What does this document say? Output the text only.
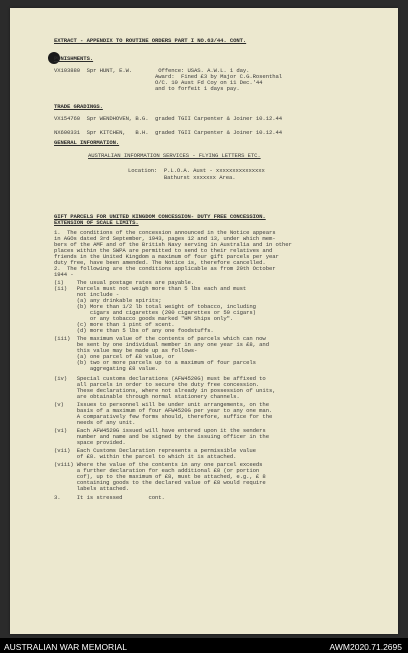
EXTRACT - APPENDIX TO ROUTINE ORDERS PART I NO.63/44. CONT.
PUNISHMENTS.
VX103880  Spr HUNT, E.W.        Offence: USAS. A.W.L. 1 day.
Award:  Fined £3 by Major C.G.Rosenthal
O/C. 10 Aust Fd Coy on 11 Dec.'44
and to forfeit 1 days pay.
TRADE GRADINGS.
VX154760  Spr WENDHOVEN, B.G.  graded TGII Carpenter & Joiner 10.12.44
NX600331  Spr KITCHEN,   B.H.  graded TGII Carpenter & Joiner 10.12.44
GENERAL INFORMATION.
AUSTRALIAN INFORMATION SERVICES - FLYING LETTERS ETC.
Location:  P.L.O.A. Aust - xxxxxxxxxxxxxxx
Bathurst xxxxxxx Area.
GIFT PARCELS FOR UNITED KINGDOM CONCESSION- DUTY FREE CONCESSION.
EXTENSION OF SCALE LIMITS.
1.  The conditions of the concession announced in the Notice appears
in AGOs dated 3rd September, 1943, pages 12 and 13, under which mem-
bers of the AMF and of the British Navy serving in Australia and in other
places within the SWPA are permitted to send to their relatives and
friends in the United Kingdom a maximum of four gift parcels per year
duty free, have been amended. The Notice is, therefore cancelled.
2.  The following are the conditions applicable as from 20th October
1944 -
(i)    The usual postage rates are payable.
(ii)   Parcels must not weigh more than 5 lbs each and must
not include -
(a) any drinkable spirits;
(b) More than 1/2 lb total weight of tobacco, including
cigars and cigarettes (200 cigarettes or 50 cigars)
or any tobacco goods marked "HM Ships only".
(c) more than 1 pint of scent.
(d) more than 5 lbs of any one foodstuffs.
(iii)  The maximum value of the contents of parcels which can now
be sent by one individual member in any one year is £8, and
this value may be made up as follows-
(a) one parcel of £8 value, or
(b) two or more parcels up to a maximum of four parcels
aggregating £8 value.
(iv)   Special customs declarations (AFW4520G) must be affixed to
all parcels in order to secure the duty free concession.
These declarations, where not already in possession of units,
are obtainable through normal stationery channels.
(v)    Issues to personnel will be under unit arrangements, on the
basis of a maximum of four AFW4520G per year to any one man.
A comparatively few forms should, therefore, suffice for the
needs of any unit.
(vi)   Each AFW4520G issued will have entered upon it the senders
number and name and be signed by the issuing officer in the
space provided.
(vii)  Each Customs Declaration represents a permissible value
of £8. within the parcel to which it is attached.
(viii) Where the value of the contents in any one parcel exceeds
a further declaration for each additional £8 (or portion
cof), up to the maximum of £8, must be attached, e.g., £ 8
containing goods to the declared value of £8 would require
labels attached.
3.     It is stressed        cont.
AUSTRALIAN WAR MEMORIAL	AWM2020.71.2695
